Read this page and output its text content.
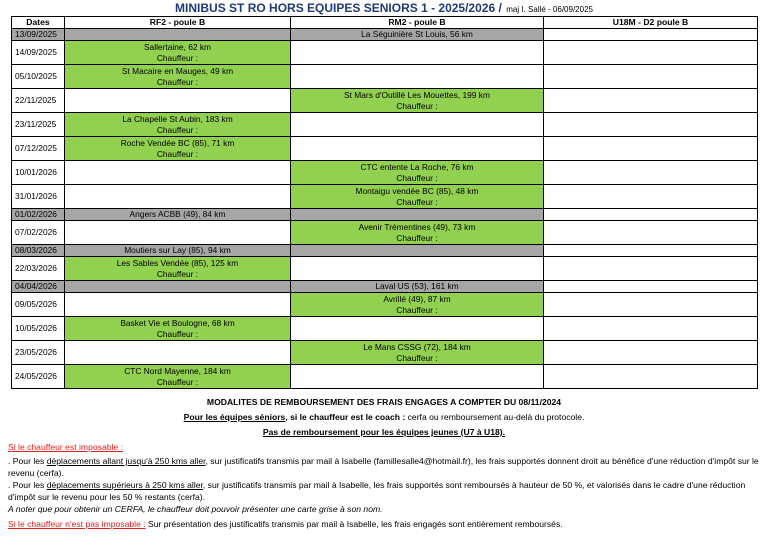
MINIBUS ST RO HORS EQUIPES SENIORS 1 - 2025/2026 / maj I. Sallé - 06/09/2025
Dates	RF2 - poule B	RM2 - poule B	U18M - D2 poule B
13/09/2025		La Séguinière St Louis, 56 km	

14/09/2025	Sallertaine, 62 km
Chauffeur :		

05/10/2025	St Macaire en Mauges, 49 km
Chauffeur :		

22/11/2025		St Mars d'Outillé Les Mouettes, 199 km
Chauffeur :	

23/11/2025	La Chapelle St Aubin, 183 km
Chauffeur :		

07/12/2025	Roche Vendée BC (85), 71 km
Chauffeur :		

10/01/2026		CTC entente La Roche, 76 km
Chauffeur :	

31/01/2026		Montaigu vendée BC (85), 48 km
Chauffeur :	

01/02/2026	Angers ACBB (49), 84 km		

07/02/2026		Avenir Trémentines (49), 73 km
Chauffeur :	

08/03/2026	Moutiers sur Lay (85), 94 km		

22/03/2026	Les Sables Vendée (85), 125 km
Chauffeur :		

04/04/2026		Laval US (53), 161 km	

09/05/2026		Avrillé (49), 87 km
Chauffeur :	

10/05/2026	Basket Vie et Boulogne, 68 km
Chauffeur :		

23/05/2026		Le Mans CSSG (72), 184 km
Chauffeur :	

24/05/2026	CTC Nord Mayenne, 184 km
Chauffeur :		

MODALITES DE REMBOURSEMENT DES FRAIS ENGAGES A COMPTER DU 08/11/2024
Pour les équipes séniors, si le chauffeur est le coach : cerfa ou remboursement au-delà du protocole.
Pas de remboursement pour les équipes jeunes (U7 à U18).
Si le chauffeur est imposable :
. Pour les déplacements allant jusqu'à 250 kms aller, sur justificatifs transmis par mail à Isabelle (famillesalle4@hotmail.fr), les frais supportés donnent droit au bénéfice d'une réduction d'impôt sur le revenu (cerfa).
. Pour les déplacements supérieurs à 250 kms aller, sur justificatifs transmis par mail à Isabelle, les frais supportés sont remboursés à hauteur de 50 %, et valorisés dans le cadre d'une réduction d'impôt sur le revenu pour les 50 % restants (cerfa).
A noter que pour obtenir un CERFA, le chauffeur doit pouvoir présenter une carte grise à son nom.
Si le chauffeur n'est pas imposable : Sur présentation des justificatifs transmis par mail à Isabelle, les frais engagés sont entièrement remboursés.
